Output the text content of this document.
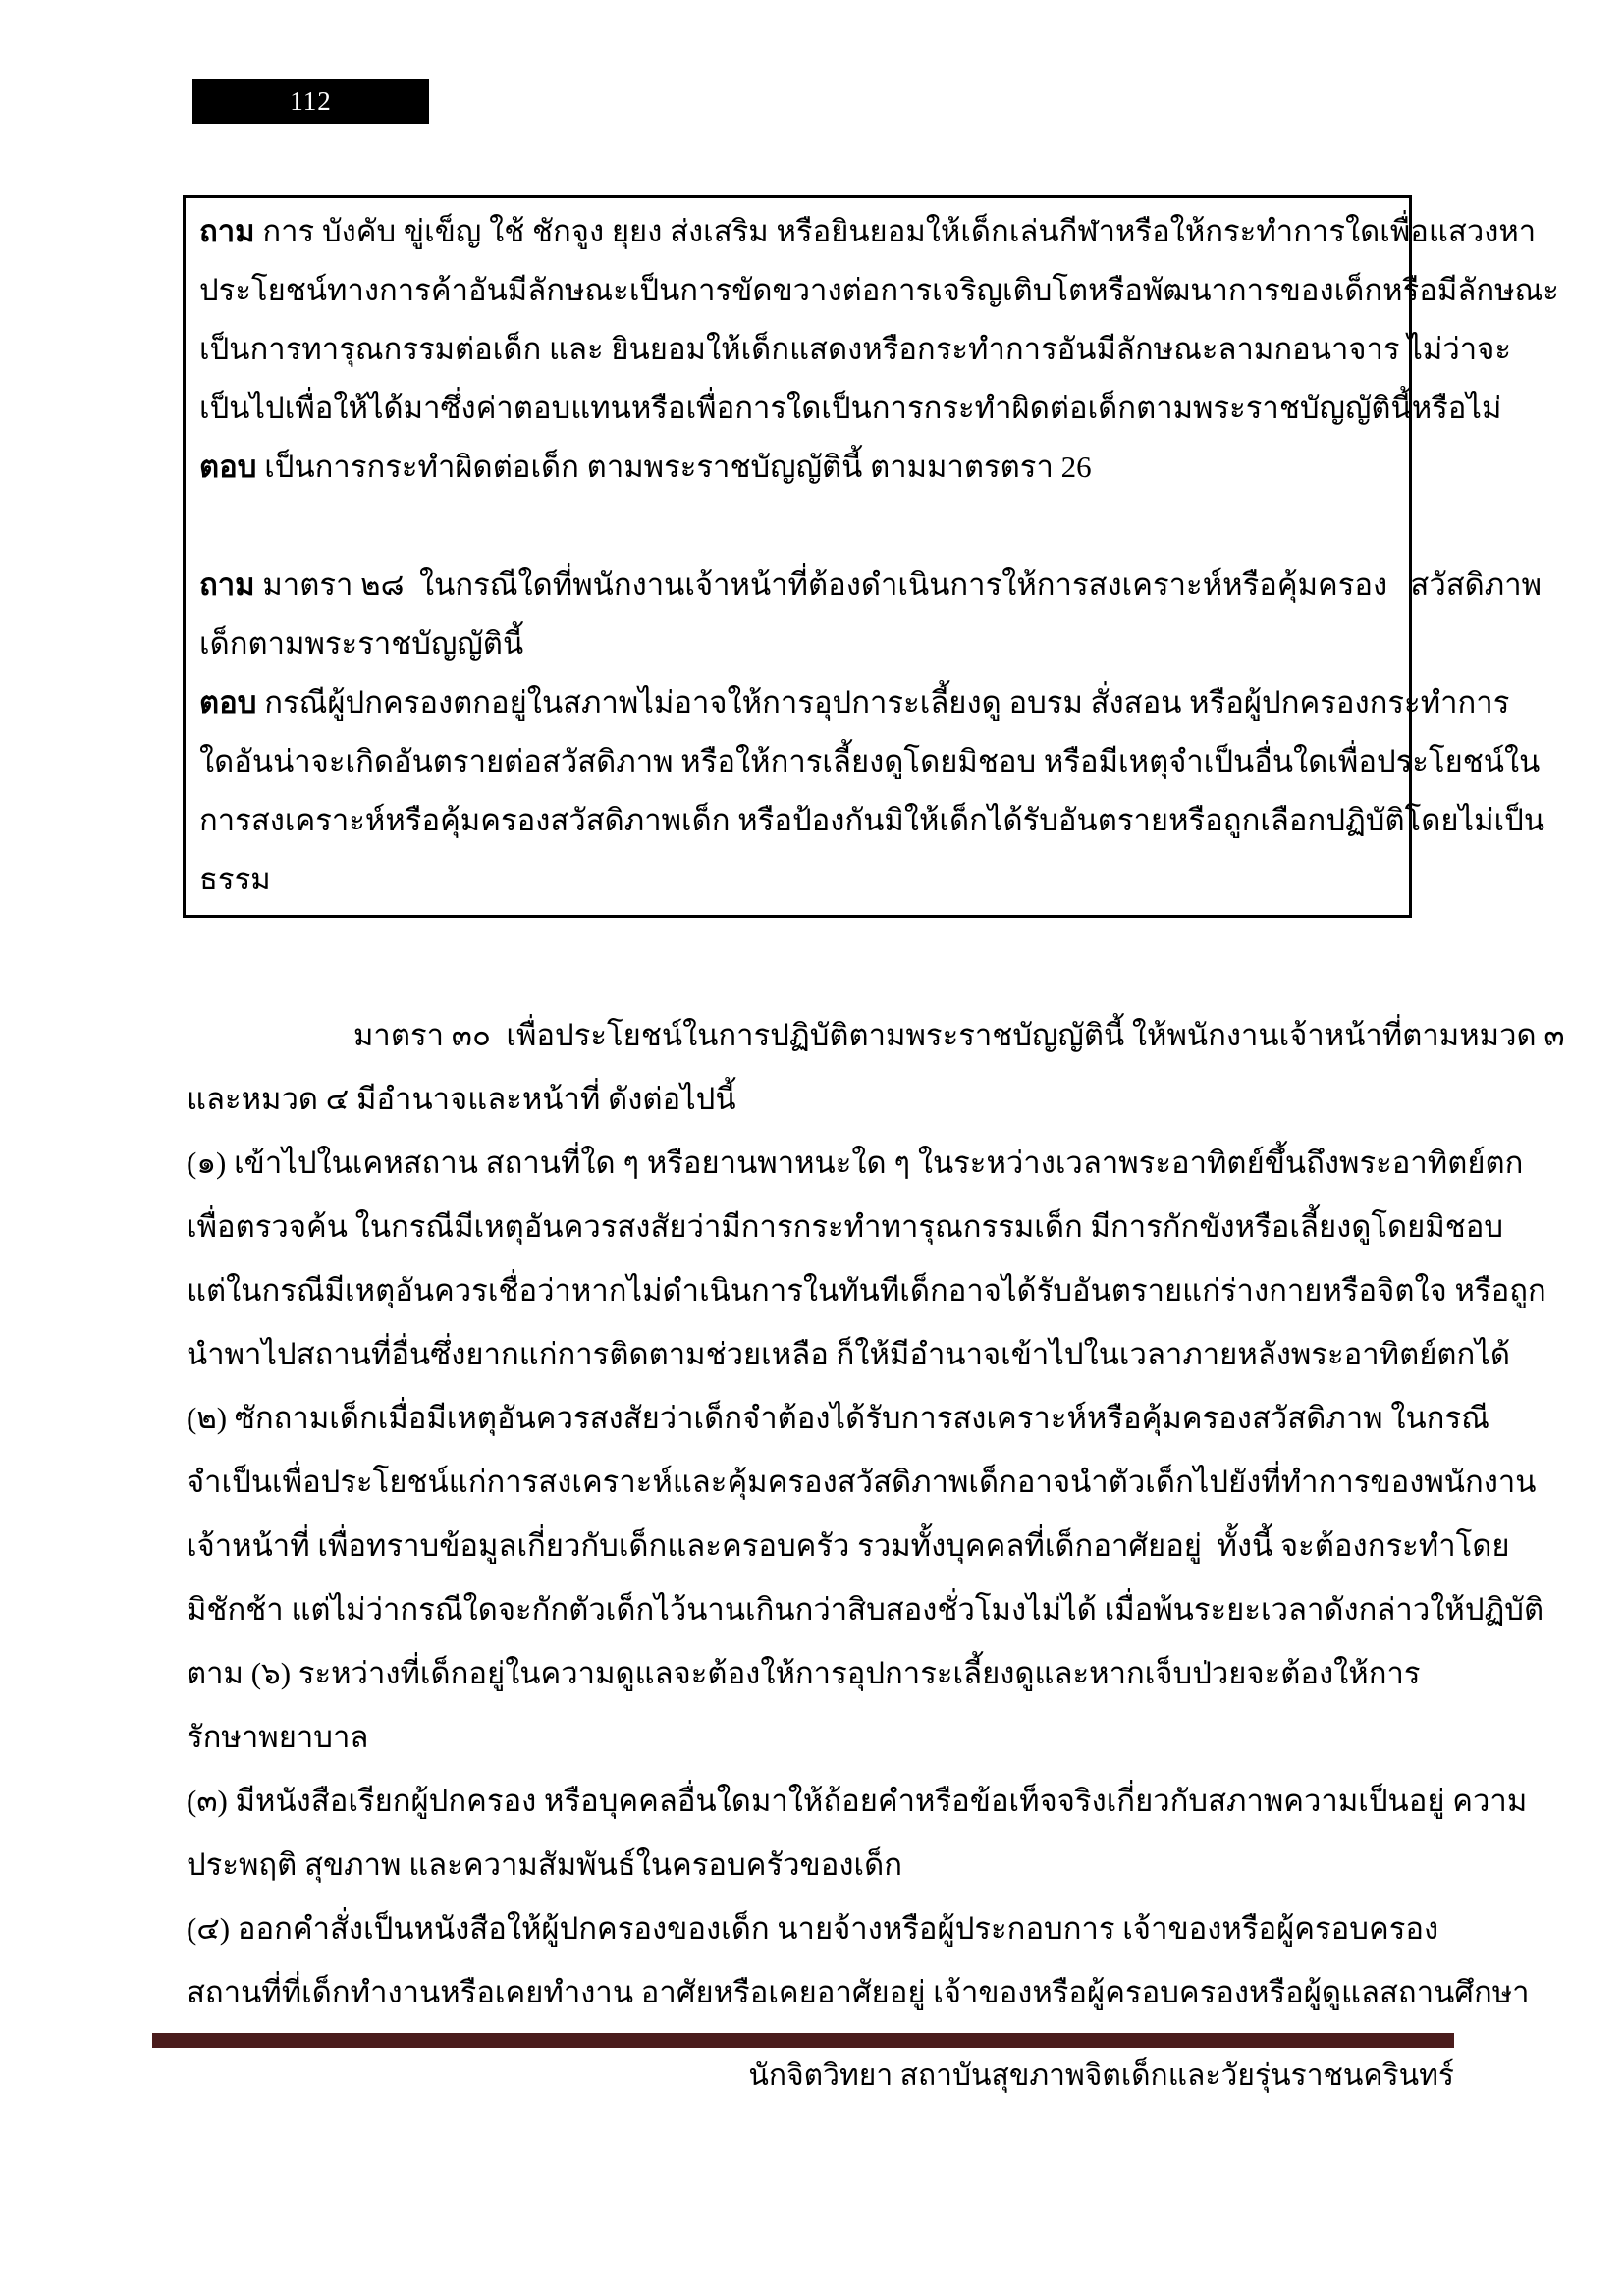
112
ถาม การ บังคับ ขู่เข็ญ ใช้ ชักจูง ยุยง ส่งเสริม หรือยินยอมให้เด็กเล่นกีฬาหรือให้กระทำการใดเพื่อแสวงหา
ประโยชน์ทางการค้าอันมีลักษณะเป็นการขัดขวางต่อการเจริญเติบโตหรือพัฒนาการของเด็กหรือมีลักษณะ
เป็นการทารุณกรรมต่อเด็ก และ ยินยอมให้เด็กแสดงหรือกระทำการอันมีลักษณะลามกอนาจาร ไม่ว่าจะ
เป็นไปเพื่อให้ได้มาซึ่งค่าตอบแทนหรือเพื่อการใดเป็นการกระทำผิดต่อเด็กตามพระราชบัญญัตินี้หรือไม่
ตอบ เป็นการกระทำผิดต่อเด็ก ตามพระราชบัญญัตินี้ ตามมาตรตรา 26
ถาม มาตรา ๒๘  ในกรณีใดที่พนักงานเจ้าหน้าที่ต้องดำเนินการให้การสงเคราะห์หรือคุ้มครอง   สวัสดิภาพ
เด็กตามพระราชบัญญัตินี้
ตอบ กรณีผู้ปกครองตกอยู่ในสภาพไม่อาจให้การอุปการะเลี้ยงดู อบรม สั่งสอน หรือผู้ปกครองกระทำการ
ใดอันน่าจะเกิดอันตรายต่อสวัสดิภาพ หรือให้การเลี้ยงดูโดยมิชอบ หรือมีเหตุจำเป็นอื่นใดเพื่อประโยชน์ใน
การสงเคราะห์หรือคุ้มครองสวัสดิภาพเด็ก หรือป้องกันมิให้เด็กได้รับอันตรายหรือถูกเลือกปฏิบัติโดยไม่เป็น
ธรรม
มาตรา ๓๐  เพื่อประโยชน์ในการปฏิบัติตามพระราชบัญญัตินี้ ให้พนักงานเจ้าหน้าที่ตามหมวด ๓
และหมวด ๔ มีอำนาจและหน้าที่ ดังต่อไปนี้
(๑) เข้าไปในเคหสถาน สถานที่ใด ๆ หรือยานพาหนะใด ๆ ในระหว่างเวลาพระอาทิตย์ขึ้นถึงพระอาทิตย์ตก
เพื่อตรวจค้น ในกรณีมีเหตุอันควรสงสัยว่ามีการกระทำทารุณกรรมเด็ก มีการกักขังหรือเลี้ยงดูโดยมิชอบ
แต่ในกรณีมีเหตุอันควรเชื่อว่าหากไม่ดำเนินการในทันทีเด็กอาจได้รับอันตรายแก่ร่างกายหรือจิตใจ หรือถูก
นำพาไปสถานที่อื่นซึ่งยากแก่การติดตามช่วยเหลือ ก็ให้มีอำนาจเข้าไปในเวลาภายหลังพระอาทิตย์ตกได้
(๒) ซักถามเด็กเมื่อมีเหตุอันควรสงสัยว่าเด็กจำต้องได้รับการสงเคราะห์หรือคุ้มครองสวัสดิภาพ ในกรณี
จำเป็นเพื่อประโยชน์แก่การสงเคราะห์และคุ้มครองสวัสดิภาพเด็กอาจนำตัวเด็กไปยังที่ทำการของพนักงาน
เจ้าหน้าที่ เพื่อทราบข้อมูลเกี่ยวกับเด็กและครอบครัว รวมทั้งบุคคลที่เด็กอาศัยอยู่  ทั้งนี้ จะต้องกระทำโดย
มิชักช้า แต่ไม่ว่ากรณีใดจะกักตัวเด็กไว้นานเกินกว่าสิบสองชั่วโมงไม่ได้ เมื่อพ้นระยะเวลาดังกล่าวให้ปฏิบัติ
ตาม (๖) ระหว่างที่เด็กอยู่ในความดูแลจะต้องให้การอุปการะเลี้ยงดูและหากเจ็บป่วยจะต้องให้การ
รักษาพยาบาล
(๓) มีหนังสือเรียกผู้ปกครอง หรือบุคคลอื่นใดมาให้ถ้อยคำหรือข้อเท็จจริงเกี่ยวกับสภาพความเป็นอยู่ ความ
ประพฤติ สุขภาพ และความสัมพันธ์ในครอบครัวของเด็ก
(๔) ออกคำสั่งเป็นหนังสือให้ผู้ปกครองของเด็ก นายจ้างหรือผู้ประกอบการ เจ้าของหรือผู้ครอบครอง
สถานที่ที่เด็กทำงานหรือเคยทำงาน อาศัยหรือเคยอาศัยอยู่ เจ้าของหรือผู้ครอบครองหรือผู้ดูแลสถานศึกษา
นักจิตวิทยา สถาบันสุขภาพจิตเด็กและวัยรุ่นราชนครินทร์
